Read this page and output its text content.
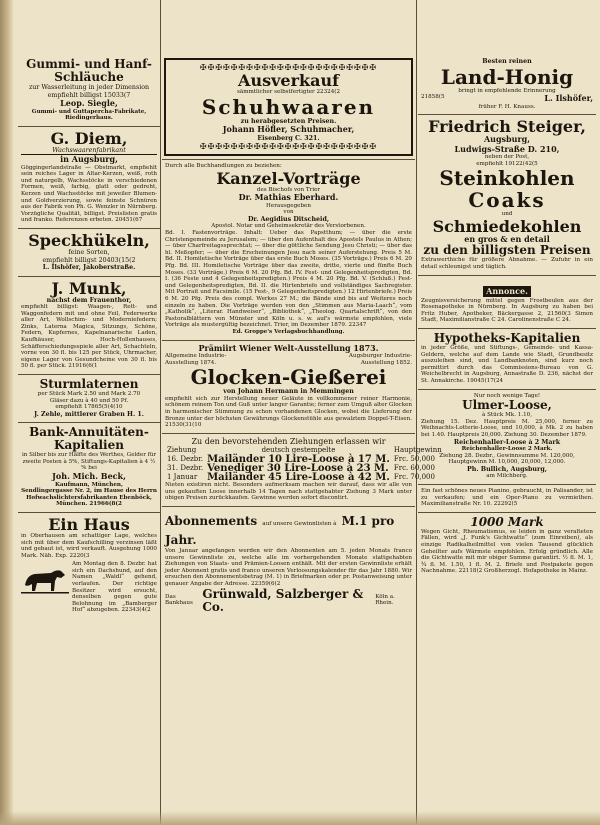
Gummi- und Hanf-Schläuche
zur Wasserleitung in jeder Dimension
empfiehlt billigst 15033(7
Leop. Siegle,
Gummi- und Guttapercha-Fabrikate,
Riedingerhaus.
G. Diem,
Wachswaarenfabrikant
in Augsburg,
Göggingerlandstraße — Obstmarkt, empfiehlt sein reiches Lager in Altar-Kerzen, weiß, roth und naturgelb, Wachsstöcke in verschiedenen Formen, weiß, farbig, glatt oder gedreht, Kerzen und Wachsstöcke mit jeweiler Blumen- und Goldverzierung, sowie feinste Schnüren aus der Fabrik von Ph. G. Wenzler in Nürnberg. Vorzügliche Qualität, billigst. Preislisten gratis und franko. Referenzen erbeten. 20451(67
Speckhükeln,
feine Sorten,
empfiehlt billigst 20403(15(2
L. Ilshöfer, Jakoberstraße.
J. Munk,
nächst dem Frauenthor,
empfiehlt billigst: Waagen-, Rett- und Waggonfedern mit und ohne Feil, Federwerke aller Art, Wollschim- und Moderniefedern; Zinks, Laterna Magica, Sitzungs, Schöne, Federn, Kupfernes, Kapelnanarische Laden, Kaufhäuser, Hoch-Hollenhauses, Schäfferschiedungsspiele aller Art, Schachteln, vorne von 30 fl. bis 125 per Stück, Uhrmacher, eigene Lager von Gesundcheine von 30 fl. bis 50 fl. per Stück. 21916(6(1
Sturmlaternen
per Stück Mark 2.50 und Mark 2.70
Gläser dazu à 40 und 50 Pf.
empfiehlt 17865(5(4(10
J. Zehle, mittlerer Graben H. 1.
Bank-Annuitäten-Kapitalien
in Silber bis zur Hälfte des Werthes, Gelder für zweite Posten à 5%, Stiftungs-Kapitalien à 4 ½ % bei
Joh. Mich. Beck,
Kaufmann, München,
Sendlingergasse Nr. 2, im Hause des Herrn Hofwachslichtersfabrikanten Ebenböck, München. 21966(8(2
Ein Haus
in Oberhausen am schattiger Lage, welches sich mit über dem Kaufschilling verzinsen läßt und gebaut ist, wird verkauft. Ausgehung 1000 Mark. Näh. Exp. 2220(3
Am Montag den 8. Dezbr. hat sich ein Dachshund, auf den Namen „Waldl“ gehend, verlaufen. Der richtige Besitzer wird ersucht, denselben gegen gute Belohnung im „Bamberger Hof“ abzugeben. 22343(4(2
✠✠✠✠✠✠✠✠✠✠✠✠✠✠✠✠✠✠✠✠✠✠✠
Ausverkauf
sämmtlicher selbstfertigter 22324(2
Schuhwaaren
zu herabgesetzten Preisen.
Johann Höfler, Schuhmacher,
Eisenberg C. 321.
✠✠✠✠✠✠✠✠✠✠✠✠✠✠✠✠✠✠✠✠✠✠✠
Durch alle Buchhandlungen zu beziehen:
Kanzel-Vorträge
des Bischofs von Trier
Dr. Mathias Eberhard.
Herausgegeben
von
Dr. Aegidius Ditscheid,
Apostol. Notar und Geheimsekretär des Verstorbenen.
Bd. I. Fastenvorträge. Inhalt: Ueber das Papstthum; — über die erste Christengemeinde zu Jerusalem; — über den Aufenthalt des Apostels Paulus in Athen; — über Charfreitagssprechtat; — über die göttliche Sendung Jesu Christi; — über das hl. Meßopfer; — über die Erscheinungen Jesu nach seiner Auferstehung. Preis 5 M. Bd. II. Homiletische Vorträge über das erste Buch Moses. (35 Vorträge.) Preis 6 M. 20 Pfg. Bd. III. Homiletische Vorträge über das zweite, dritte, vierte und fünfte Buch Moses. (33 Vorträge.) Preis 6 M. 20 Pfg. Bd. IV. Fest- und Gelegenheitspredigten, Bd. I. (36 Feste und 4 Gelegenheitspredigten.) Preis 4 M. 20 Pfg. Bd. V. (Schluß.) Fest- und Gelegenheitspredigten, Bd. II. die Hirtenbriefe und vollständiges Sachregister. Mit Portrait und Facsimile. (15 Fest-, 9 Gelegenheitspredigten.) 12 Hirtenbriefe.) Preis 6 M. 20 Pfg. Preis des compl. Werkes 27 M.; die Bände sind bis auf Weiteres noch einzeln zu haben. Die Vorträge werden von den „Stimmen aus Maria-Laach“, vom „Katholik“, „Literar. Handweiser“, „Bibliothek“, „Theolog. Quartalschrift“, von den Pastoralblättern von Münster und Köln u. s. w. auf's wärmste empfohlen, viele Vorträge als mustergültig bezeichnet. Trier, im Dezember 1879. 22347
Ed. Groppe's Verlagsbuchhandlung.
Prämiirt Wiener Welt-Ausstellung 1873.
Allgemeine Industrie-Ausstellung 1874.
Augsburger Industrie-Ausstellung 1852.
Glocken-Gießerei
von Johann Hermann in Memmingen
empfiehlt sich zur Herstellung neuer Geläute in vollkommener reiner Harmonie, schönem reinem Ton und Guß unter langer Garantie; ferner zum Umguß alter Glocken in harmonischer Stimmung zu schon vorhandenen Glocken, wobei die Lieferung der Bronze unter der höchsten Gewährungs Glockenstühle aus gewalztem Doppel-T-Eisen. 21530(31(10
Zu den bevorstehenden Ziehungen erlassen wir
Ziehung	deutsch gestempelte	Hauptgewinn
16. Dezbr.	Mailänder 10 Lire-Loose à 17 M.	Frc. 50,000
31. Dezbr.	Venediger 30 Lire-Loose à 23 M.	Frc. 60,000
1 Januar	Mailänder 45 Lire-Loose à 42 M.	Frc. 70,000
Nieten existiren nicht. Besonders aufmerksam machen wir darauf, dass wir alle von uns gekauften Loose innerhalb 14 Tagen nach stattgehabter Ziehung 3 Mark unter obigen Preisen zurückkaufen. Gewinne werden sofort discontirt.
Abonnements auf unsere Gewinnlisten à M.1 pro Jahr.
Von Januar angefangen werden wir den Abonnenten am 5. jeden Monats franco unsere Gewinnliste zu, welche alle im vorhergehenden Monate stattgehabten Ziehungen von Staats- und Prämien-Loosen enthält. Mit der ersten Gewinnliste erhält jeder Abonnent gratis und franco unseren Verloosungskalender für das Jahr 1880. Wir ersuchen den Abonnementsbetrag (M. 1) in Briefmarken oder pr. Postanweisung unter genauer Angabe der Adresse. 22359(6(2
Das Bankhaus
Grünwald, Salzberger & Co.
Köln a. Rhein.
Besten reinen
Land-Honig
bringt in empfehlende Erinnerung
21858(5	L. Ilshöfer,
früher F. H. Knauss.
Friedrich Steiger,
Augsburg,
Ludwigs-Straße D. 210,
neben der Post,
empfiehlt 19122(42(5
Steinkohlen
Coaks
und
Schmiedekohlen
en gros & en detail
zu den billigsten Preisen
Extrawerthiche für größere Abnahme. — Zufuhr in ein detail schleunigst und täglich.
Annonce.
Zeugnisversicherung mittel gegen Frostbeulen aus der Rosenapotheke in Nürnberg. In Augsburg zu haben bei Fritz Huber, Apotheker, Bäckergasse 2, 21560(3 Simon Stadt, Maximilianstraße C 24. Carolinenstraße C 24.
Hypotheks-Kapitalien
in jeder Größe, und Stiftungs-, Gemeinde- und Kassa-Geldern, welche auf dem Lande wie Stadt, Grundbesitz auszuleihen sind, und Landbanknoten, sind kurz noch permittirt durch das Commissions-Bureau von G. Weichelbrecht in Augsburg, Annastraße D. 236, nächst der St. Annakirche. 19045(17(24
Nur noch wenige Tage!
Ulmer-Loose,
à Stück Mk. 1.10,
Ziehung 15. Dez. Hauptpreis M. 25,000, ferner zu Weihnachts-Lotterie-Loose, und 10,000, à Mk. 2 zu haben bei 1.40. Hauptpreis 20,000. Ziehung 30. Dezember 1879.
Reichenhaller-Loose à 2 Mark
Reichenhaller-Loose 2 Mark.
Ziehung 28. Dezbr., Gewinnsumme M. 120,000, Hauptgewinn M. 10,000, 20,000, 12,000.
Ph. Bullich, Augsburg,
am Milchberg.
Ein fast schönes neues Pianino, gebraucht, in Palisander, ist zu verkaufen; und ein Oper-Piano zu vermiethen. Maximilianstraße Nr. 10. 22292(5
1000 Mark
Wegen Gicht, Rheumatismus, se leiden in ganz veralteten Fällen, wird „J. Funk's Gichtwatte“ (zum Einreiben), als einzige Radikalheilmittel von vielen Tausend glücklich Geheilter aufs Wärmste empfohlen. Erfolg gründlich. Alle die Gichtwatte mit mir obiger Summe garantirt. ½ fl. M. 1, ¾ fl. M. 1.50, 1 fl. M. 2. Briefe und Postpakete gegen Nachnahme. 22118(2 Großherzogl. Hofapotheke in Mainz.
